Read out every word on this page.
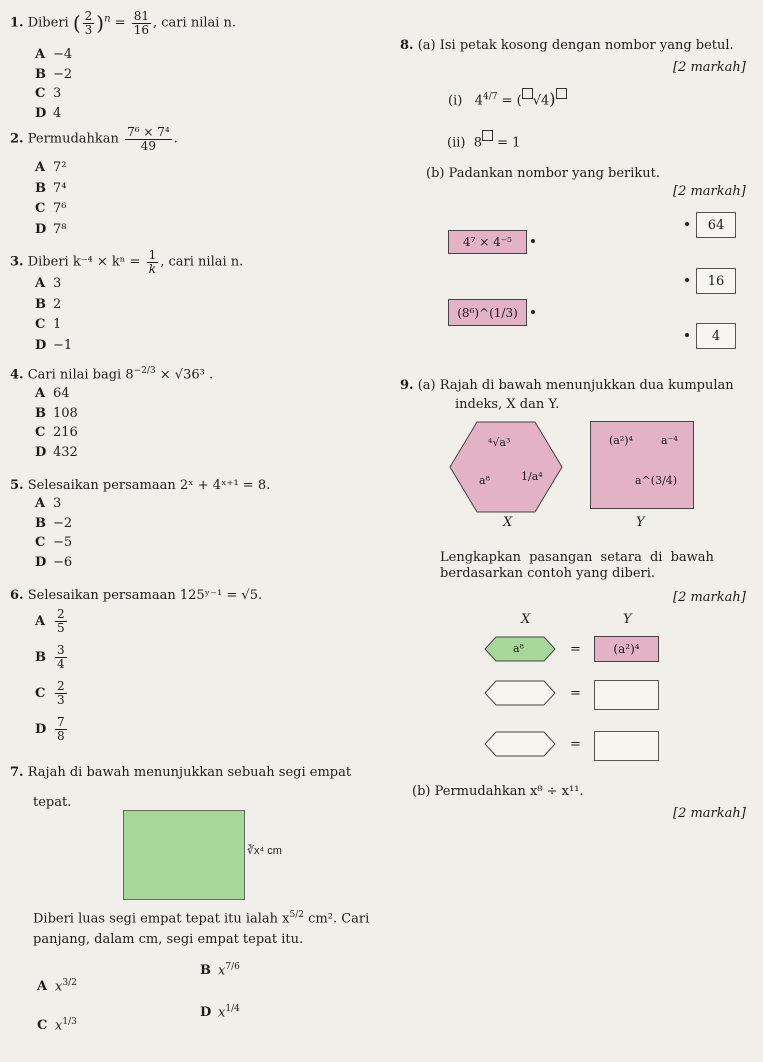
1. Diberi ( $\frac{2}{3} )^n = \frac{81}{16}$ , cari nilai n.
A −4
B −2
C 3
D 4
2. Permudahkan $\frac{\text{7⁶ × 7⁴}}{49}$ .
A 7²
B 7⁴
C 7⁶
D 7⁸
3. Diberi $k^{-4} \times k^n = \frac{1}{k}$ , cari nilai n.
A 3
B 2
C 1
D −1
4. Cari nilai bagi $8^{-2/3} \times √36^3$ .
A 64
B 108
C 216
D 432
5. Selesaikan persamaan 2ˣ + 4ˣ⁺¹ = 8.
A 3
B −2
C −5
D −6
6. Selesaikan persamaan 125ʸ⁻¹ = √5.
A $\frac{2}{5}$
B $\frac{3}{4}$
C $\frac{2}{3}$
D $\frac{7}{8}$
7. Rajah di bawah menunjukkan sebuah segi empat
tepat.
∛x⁴ cm
Diberi luas segi empat tepat itu ialah $x^{5/2}$ cm². Cari
panjang, dalam cm, segi empat tepat itu.
A $x^{3/2}$
B $x^{7/6}$
C $x^{1/3}$
D $x^{1/4}$
8. (a) Isi petak kosong dengan nombor yang betul.
[2 markah]
(i) $4^{4/7}$ = ( √4)
(ii) 8 = 1
(b) Padankan nombor yang berikut.
[2 markah]
4⁷ × 4⁻⁵
(8⁶)^(1/3)
64
16
4
9. (a) Rajah di bawah menunjukkan dua kumpulan
indeks, X dan Y.
⁴√a³
a⁸	1/a⁴
X
(a²)⁴	a⁻⁴
a^(3/4)
Y
Lengkapkan pasangan setara di bawah
berdasarkan contoh yang diberi.
[2 markah]
X	Y
a⁸	=	(a²)⁴
=
=
(b) Permudahkan x⁸ ÷ x¹¹.
[2 markah]
